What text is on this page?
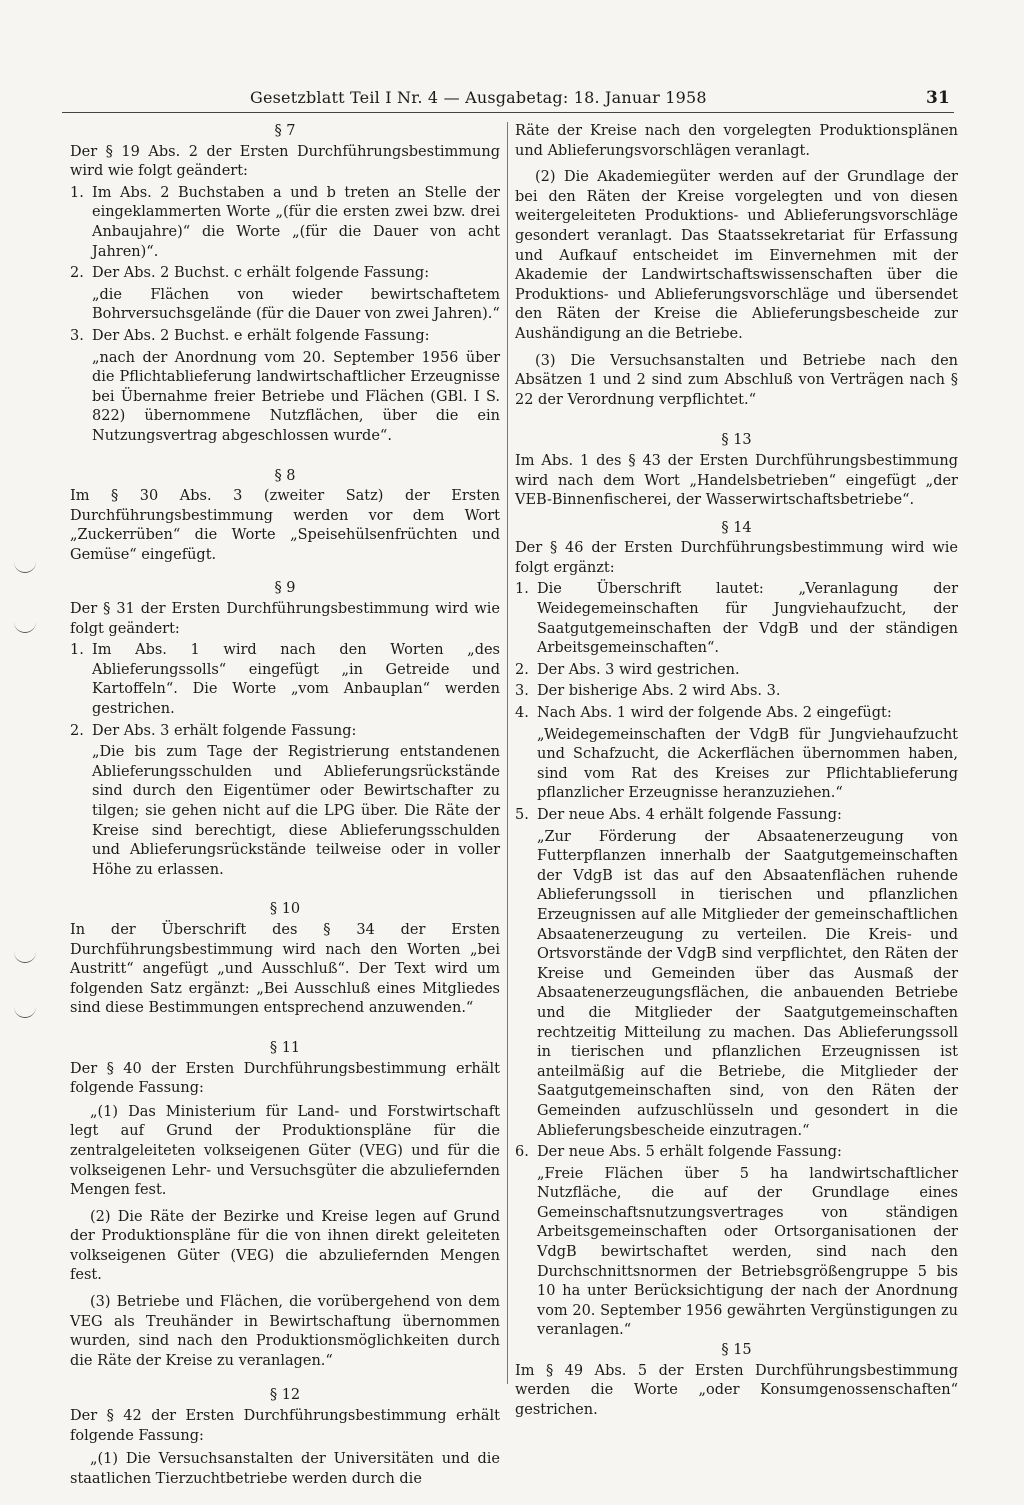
Gesetzblatt Teil I Nr. 4 — Ausgabetag: 18. Januar 1958	31

§ 7

Der § 19 Abs. 2 der Ersten Durchführungsbestimmung wird wie folgt geändert:

1. Im Abs. 2 Buchstaben a und b treten an Stelle der eingeklammerten Worte „(für die ersten zwei bzw. drei Anbaujahre)“ die Worte „(für die Dauer von acht Jahren)“.
2. Der Abs. 2 Buchst. c erhält folgende Fassung:

„die Flächen von wieder bewirtschaftetem Bohrversuchsgelände (für die Dauer von zwei Jahren).“

3. Der Abs. 2 Buchst. e erhält folgende Fassung:

„nach der Anordnung vom 20. September 1956 über die Pflichtablieferung landwirtschaftlicher Erzeugnisse bei Übernahme freier Betriebe und Flächen (GBl. I S. 822) übernommene Nutzflächen, über die ein Nutzungsvertrag abgeschlossen wurde“.

§ 8

Im § 30 Abs. 3 (zweiter Satz) der Ersten Durchführungsbestimmung werden vor dem Wort „Zuckerrüben“ die Worte „Speisehülsenfrüchten und Gemüse“ eingefügt.

§ 9

Der § 31 der Ersten Durchführungsbestimmung wird wie folgt geändert:

1. Im Abs. 1 wird nach den Worten „des Ablieferungssolls“ eingefügt „in Getreide und Kartoffeln“. Die Worte „vom Anbauplan“ werden gestrichen.
2. Der Abs. 3 erhält folgende Fassung:

„Die bis zum Tage der Registrierung entstandenen Ablieferungsschulden und Ablieferungsrückstände sind durch den Eigentümer oder Bewirtschafter zu tilgen; sie gehen nicht auf die LPG über. Die Räte der Kreise sind berechtigt, diese Ablieferungsschulden und Ablieferungsrückstände teilweise oder in voller Höhe zu erlassen.

§ 10

In der Überschrift des § 34 der Ersten Durchführungsbestimmung wird nach den Worten „bei Austritt“ angefügt „und Ausschluß“. Der Text wird um folgenden Satz ergänzt: „Bei Ausschluß eines Mitgliedes sind diese Bestimmungen entsprechend anzuwenden.“

§ 11

Der § 40 der Ersten Durchführungsbestimmung erhält folgende Fassung:

„(1) Das Ministerium für Land- und Forstwirtschaft legt auf Grund der Produktionspläne für die zentralgeleiteten volkseigenen Güter (VEG) und für die volkseigenen Lehr- und Versuchsgüter die abzuliefernden Mengen fest.

(2) Die Räte der Bezirke und Kreise legen auf Grund der Produktionspläne für die von ihnen direkt geleiteten volkseigenen Güter (VEG) die abzuliefernden Mengen fest.

(3) Betriebe und Flächen, die vorübergehend von dem VEG als Treuhänder in Bewirtschaftung übernommen wurden, sind nach den Produktionsmöglichkeiten durch die Räte der Kreise zu veranlagen.“

§ 12

Der § 42 der Ersten Durchführungsbestimmung erhält folgende Fassung:

„(1) Die Versuchsanstalten der Universitäten und die staatlichen Tierzuchtbetriebe werden durch die

Räte der Kreise nach den vorgelegten Produktionsplänen und Ablieferungsvorschlägen veranlagt.

(2) Die Akademiegüter werden auf der Grundlage der bei den Räten der Kreise vorgelegten und von diesen weitergeleiteten Produktions- und Ablieferungsvorschläge gesondert veranlagt. Das Staatssekretariat für Erfassung und Aufkauf entscheidet im Einvernehmen mit der Akademie der Landwirtschaftswissenschaften über die Produktions- und Ablieferungsvorschläge und übersendet den Räten der Kreise die Ablieferungsbescheide zur Aushändigung an die Betriebe.

(3) Die Versuchsanstalten und Betriebe nach den Absätzen 1 und 2 sind zum Abschluß von Verträgen nach § 22 der Verordnung verpflichtet.“

§ 13

Im Abs. 1 des § 43 der Ersten Durchführungsbestimmung wird nach dem Wort „Handelsbetrieben“ eingefügt „der VEB-Binnenfischerei, der Wasserwirtschaftsbetriebe“.

§ 14

Der § 46 der Ersten Durchführungsbestimmung wird wie folgt ergänzt:

1. Die Überschrift lautet: „Veranlagung der Weidegemeinschaften für Jungviehaufzucht, der Saatgutgemeinschaften der VdgB und der ständigen Arbeitsgemeinschaften“.
2. Der Abs. 3 wird gestrichen.
3. Der bisherige Abs. 2 wird Abs. 3.
4. Nach Abs. 1 wird der folgende Abs. 2 eingefügt:

„Weidegemeinschaften der VdgB für Jungviehaufzucht und Schafzucht, die Ackerflächen übernommen haben, sind vom Rat des Kreises zur Pflichtablieferung pflanzlicher Erzeugnisse heranzuziehen.“

5. Der neue Abs. 4 erhält folgende Fassung:

„Zur Förderung der Absaatenerzeugung von Futterpflanzen innerhalb der Saatgutgemeinschaften der VdgB ist das auf den Absaatenflächen ruhende Ablieferungssoll in tierischen und pflanzlichen Erzeugnissen auf alle Mitglieder der gemeinschaftlichen Absaatenerzeugung zu verteilen. Die Kreis- und Ortsvorstände der VdgB sind verpflichtet, den Räten der Kreise und Gemeinden über das Ausmaß der Absaatenerzeugungsflächen, die anbauenden Betriebe und die Mitglieder der Saatgutgemeinschaften rechtzeitig Mitteilung zu machen. Das Ablieferungssoll in tierischen und pflanzlichen Erzeugnissen ist anteilmäßig auf die Betriebe, die Mitglieder der Saatgutgemeinschaften sind, von den Räten der Gemeinden aufzuschlüsseln und gesondert in die Ablieferungsbescheide einzutragen.“

6. Der neue Abs. 5 erhält folgende Fassung:

„Freie Flächen über 5 ha landwirtschaftlicher Nutzfläche, die auf der Grundlage eines Gemeinschaftsnutzungsvertrages von ständigen Arbeitsgemeinschaften oder Ortsorganisationen der VdgB bewirtschaftet werden, sind nach den Durchschnittsnormen der Betriebsgrößengruppe 5 bis 10 ha unter Berücksichtigung der nach der Anordnung vom 20. September 1956 gewährten Vergünstigungen zu veranlagen.“

§ 15

Im § 49 Abs. 5 der Ersten Durchführungsbestimmung werden die Worte „oder Konsumgenossenschaften“ gestrichen.
